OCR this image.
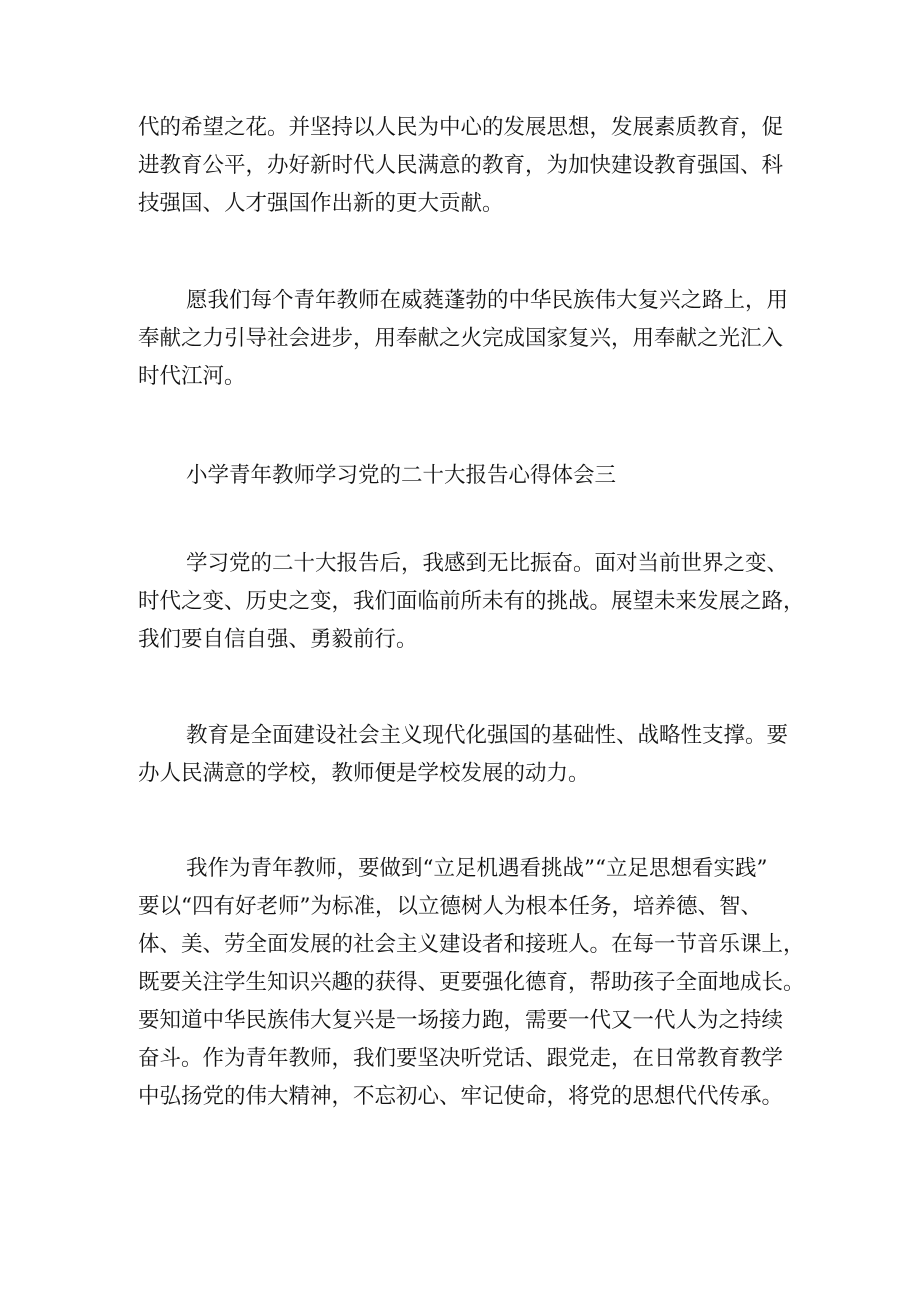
代的希望之花。并坚持以人民为中心的发展思想，发展素质教育，促
进教育公平，办好新时代人民满意的教育，为加快建设教育强国、科
技强国、人才强国作出新的更大贡献。

愿我们每个青年教师在威蕤蓬勃的中华民族伟大复兴之路上，用
奉献之力引导社会进步，用奉献之火完成国家复兴，用奉献之光汇入
时代江河。

小学青年教师学习党的二十大报告心得体会三

学习党的二十大报告后，我感到无比振奋。面对当前世界之变、
时代之变、历史之变，我们面临前所未有的挑战。展望未来发展之路，
我们要自信自强、勇毅前行。

教育是全面建设社会主义现代化强国的基础性、战略性支撑。要
办人民满意的学校，教师便是学校发展的动力。

我作为青年教师，要做到“立足机遇看挑战”“立足思想看实践”
要以“四有好老师”为标准，以立德树人为根本任务，培养德、智、
体、美、劳全面发展的社会主义建设者和接班人。在每一节音乐课上，
既要关注学生知识兴趣的获得、更要强化德育，帮助孩子全面地成长。
要知道中华民族伟大复兴是一场接力跑，需要一代又一代人为之持续
奋斗。作为青年教师，我们要坚决听党话、跟党走，在日常教育教学
中弘扬党的伟大精神，不忘初心、牢记使命，将党的思想代代传承。
